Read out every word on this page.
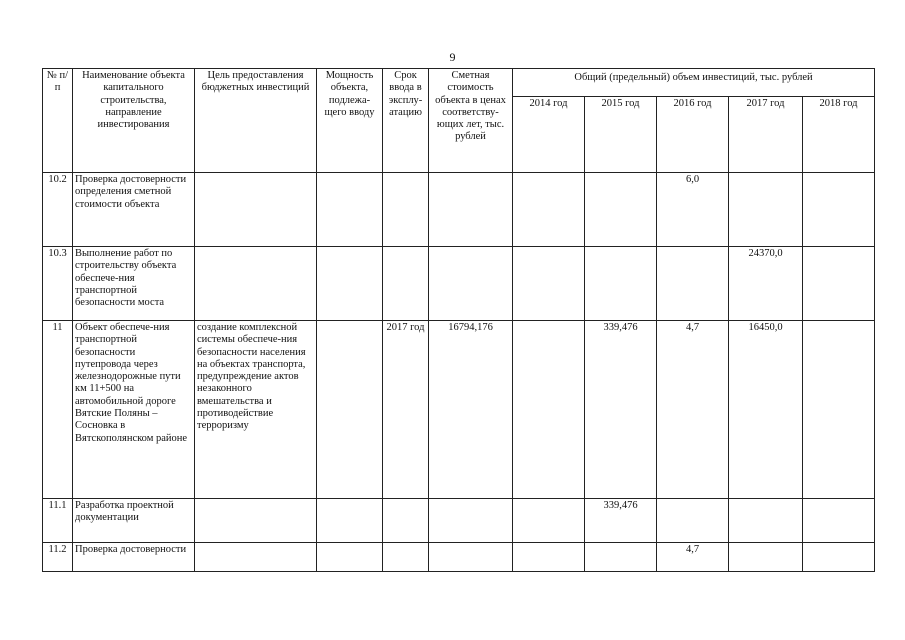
9
№ п/п	Наименование объекта капитального строительства, направление инвестирования	Цель предоставления бюджетных инвестиций	Мощность объекта, подлежа-щего вводу	Срок ввода в эксплу-атацию	Сметная стоимость объекта в ценах соответству-ющих лет, тыс. рублей	Общий (предельный) объем инвестиций, тыс. рублей				
						2014 год	2015 год	2016 год	2017 год	2018 год
10.2	Проверка достоверности определения сметной стоимости объекта							6,0		
10.3	Выполнение работ по строительству объекта обеспече-ния транспортной безопасности моста								24370,0	
11	Объект обеспече-ния транспортной безопасности путепровода через железнодорожные пути км 11+500 на автомобильной дороге Вятские Поляны – Сосновка в Вятскополянском районе	создание комплексной системы обеспече-ния безопасности населения на объектах транспорта, предупреждение актов незаконного вмешательства и противодействие терроризму		2017 год	16794,176		339,476	4,7	16450,0	
11.1	Разработка проектной документации						339,476			
11.2	Проверка достоверности							4,7		
